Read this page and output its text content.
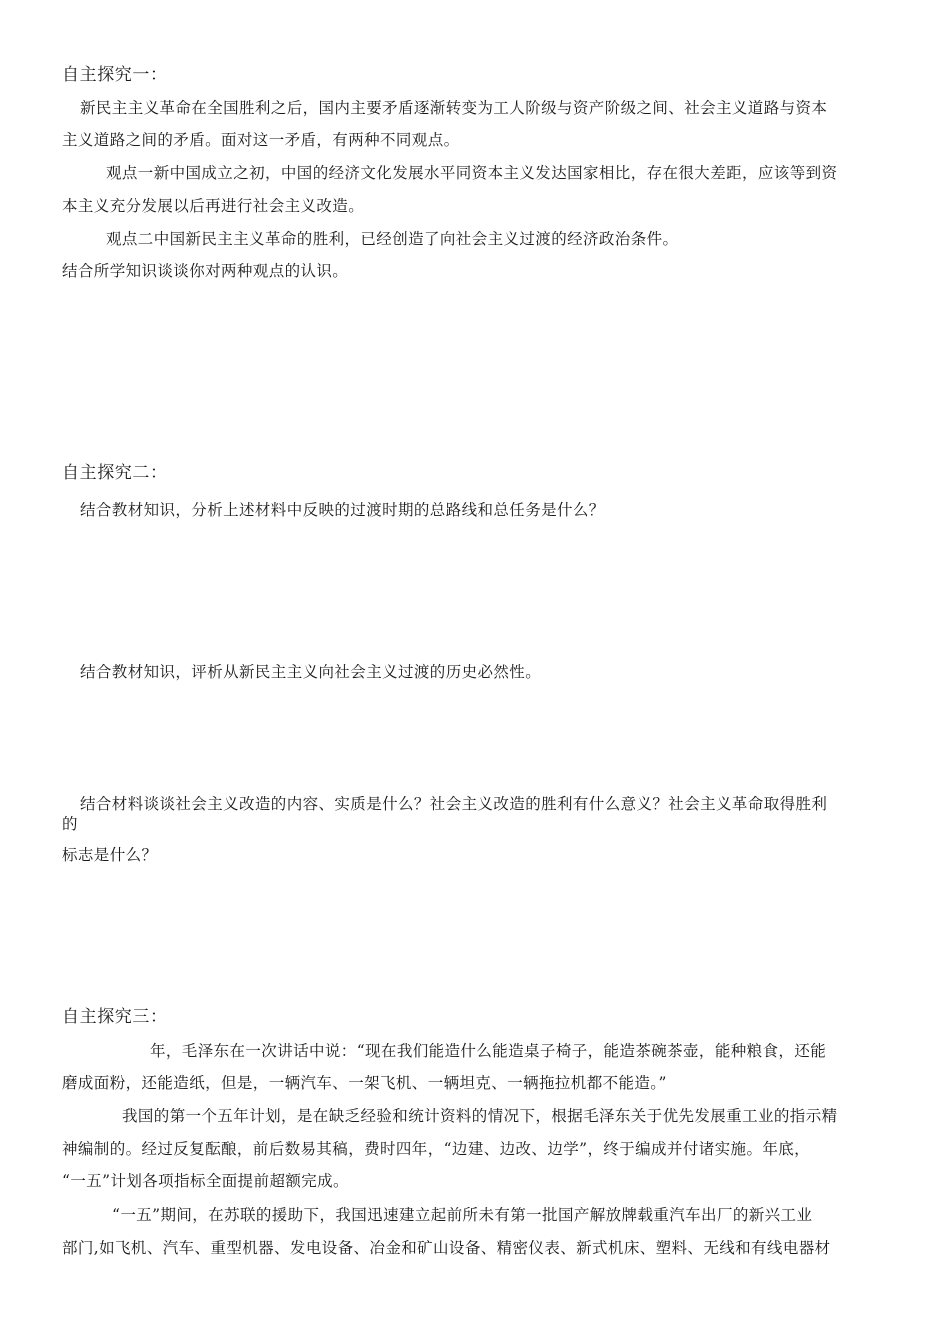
自主探究一：
新民主主义革命在全国胜利之后，国内主要矛盾逐渐转变为工人阶级与资产阶级之间、社会主义道路与资本
主义道路之间的矛盾。面对这一矛盾，有两种不同观点。
观点一新中国成立之初，中国的经济文化发展水平同资本主义发达国家相比，存在很大差距，应该等到资
本主义充分发展以后再进行社会主义改造。
观点二中国新民主主义革命的胜利，已经创造了向社会主义过渡的经济政治条件。
结合所学知识谈谈你对两种观点的认识。
自主探究二：
结合教材知识，分析上述材料中反映的过渡时期的总路线和总任务是什么？
结合教材知识，评析从新民主主义向社会主义过渡的历史必然性。
结合材料谈谈社会主义改造的内容、实质是什么？社会主义改造的胜利有什么意义？社会主义革命取得胜利
的
标志是什么？
自主探究三：
年，毛泽东在一次讲话中说：“现在我们能造什么能造桌子椅子，能造茶碗茶壶，能种粮食，还能
磨成面粉，还能造纸，但是，一辆汽车、一架飞机、一辆坦克、一辆拖拉机都不能造。”
我国的第一个五年计划，是在缺乏经验和统计资料的情况下，根据毛泽东关于优先发展重工业的指示精
神编制的。经过反复酝酿，前后数易其稿，费时四年，“边建、边改、边学”，终于编成并付诸实施。年底，
“一五”计划各项指标全面提前超额完成。
“一五”期间，在苏联的援助下，我国迅速建立起前所未有第一批国产解放牌载重汽车出厂的新兴工业
部门,如飞机、汽车、重型机器、发电设备、冶金和矿山设备、精密仪表、新式机床、塑料、无线和有线电器材
